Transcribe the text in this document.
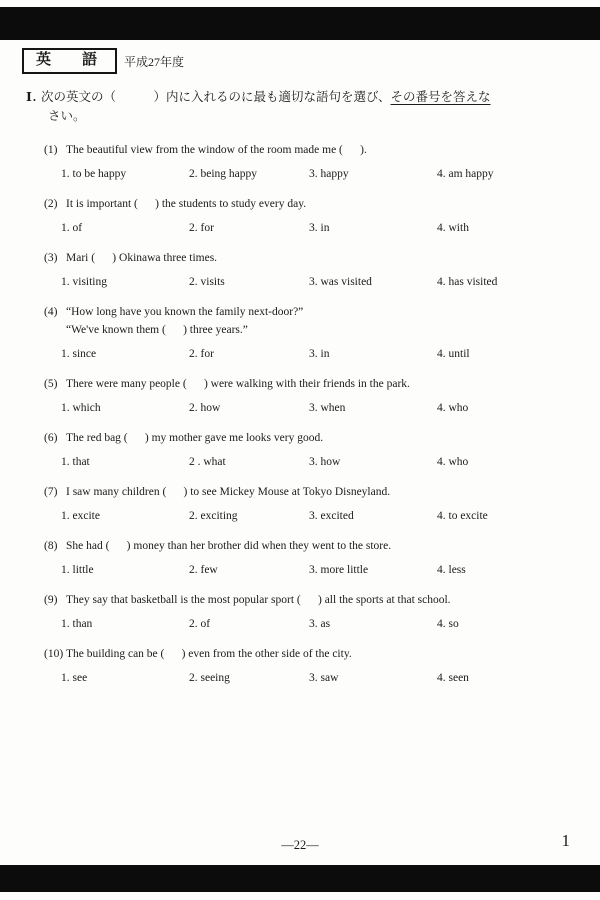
英　語	平成27年度
Ⅰ. 次の英文の（　　　）内に入れるのに最も適切な語句を選び、その番号を答えな
さい。
(1) The beautiful view from the window of the room made me (      ).
1. to be happy	2. being happy	3. happy	4. am happy
(2) It is important (      ) the students to study every day.
1. of	2. for	3. in	4. with
(3) Mari (      ) Okinawa three times.
1. visiting	2. visits	3. was visited	4. has visited
(4) “How long have you known the family next-door?”
“We've known them (      ) three years.”
1. since	2. for	3. in	4. until
(5) There were many people (      ) were walking with their friends in the park.
1. which	2. how	3. when	4. who
(6) The red bag (      ) my mother gave me looks very good.
1. that	2 . what	3. how	4. who
(7) I saw many children (      ) to see Mickey Mouse at Tokyo Disneyland.
1. excite	2. exciting	3. excited	4. to excite
(8) She had (      ) money than her brother did when they went to the store.
1. little	2. few	3. more little	4. less
(9) They say that basketball is the most popular sport (      ) all the sports at that school.
1. than	2. of	3. as	4. so
(10) The building can be (      ) even from the other side of the city.
1. see	2. seeing	3. saw	4. seen
—22—	1
